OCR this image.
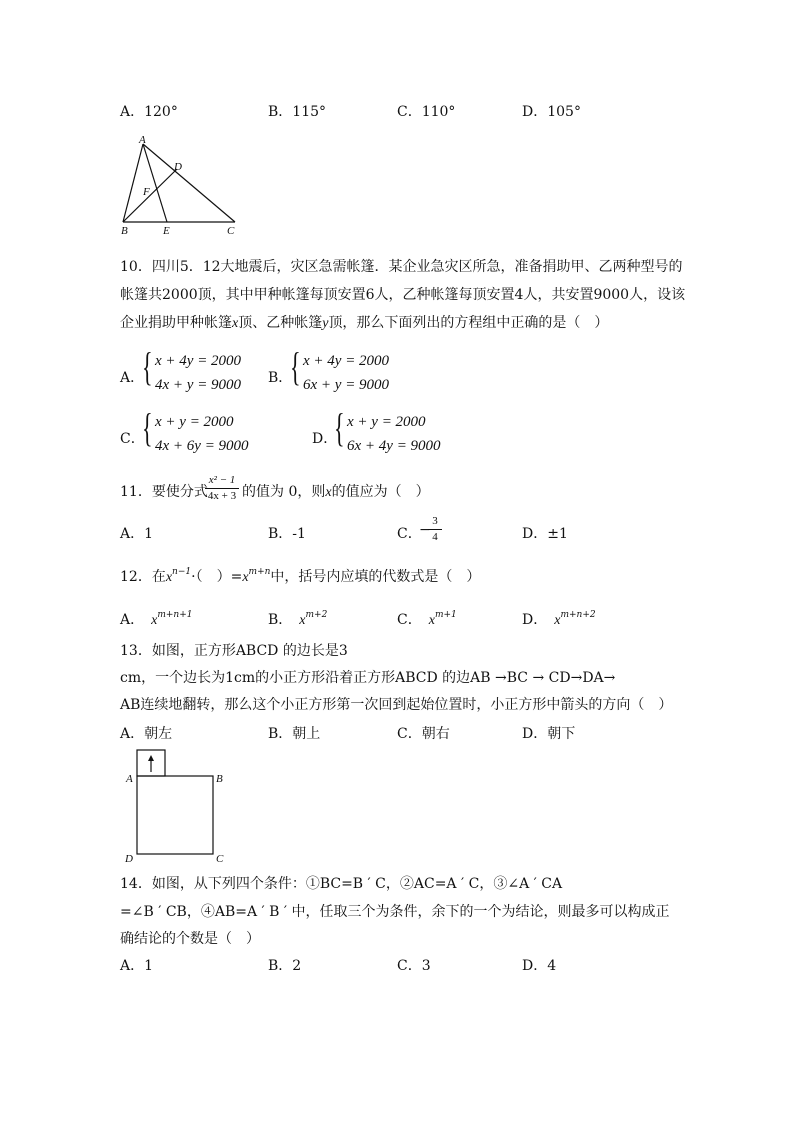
A．120°	B．115°	C．110°	D．105°
A
D
F
B	E	C
10．四川5．12大地震后，灾区急需帐篷．某企业急灾区所急，准备捐助甲、乙两种型号的
帐篷共2000顶，其中甲种帐篷每顶安置6人，乙种帐篷每顶安置4人，共安置9000人，设该
企业捐助甲种帐篷x顶、乙种帐篷y顶，那么下面列出的方程组中正确的是（　）
A．
{ x + 4y = 2000
4x + y = 9000 B．
{ x + 4y = 2000
6x + y = 9000
C．
{ x + y = 2000
4x + 6y = 9000	D．
{ x + y = 2000
6x + 4y = 9000
11．要使分式
x² − 1
4x + 3 的值为 0，则x的值应为（　）
A．1	B．-1	C．
−
3
4	D．±1
12．在$x^{n-1}\cdot$（　）$=x^{m+n}$中，括号内应填的代数式是（　）
A．  $x^{m+n+1}$	B．  $x^{m+2}$	C．  $x^{m+1}$	D．  $x^{m+n+2}$
13．如图，正方形ABCD 的边长是3
cm，一个边长为1cm的小正方形沿着正方形ABCD 的边AB →BC → CD→DA→
AB连续地翻转，那么这个小正方形第一次回到起始位置时，小正方形中箭头的方向（　）
A．朝左	B．朝上	C．朝右	D．朝下
A	B
C
D
14．如图，从下列四个条件：①BC=B ′ C，②AC=A ′ C，③∠A ′ CA
=∠B ′ CB，④AB=A ′ B ′ 中，任取三个为条件，余下的一个为结论，则最多可以构成正
确结论的个数是（　）
A．1	B．2	C．3	D．4
